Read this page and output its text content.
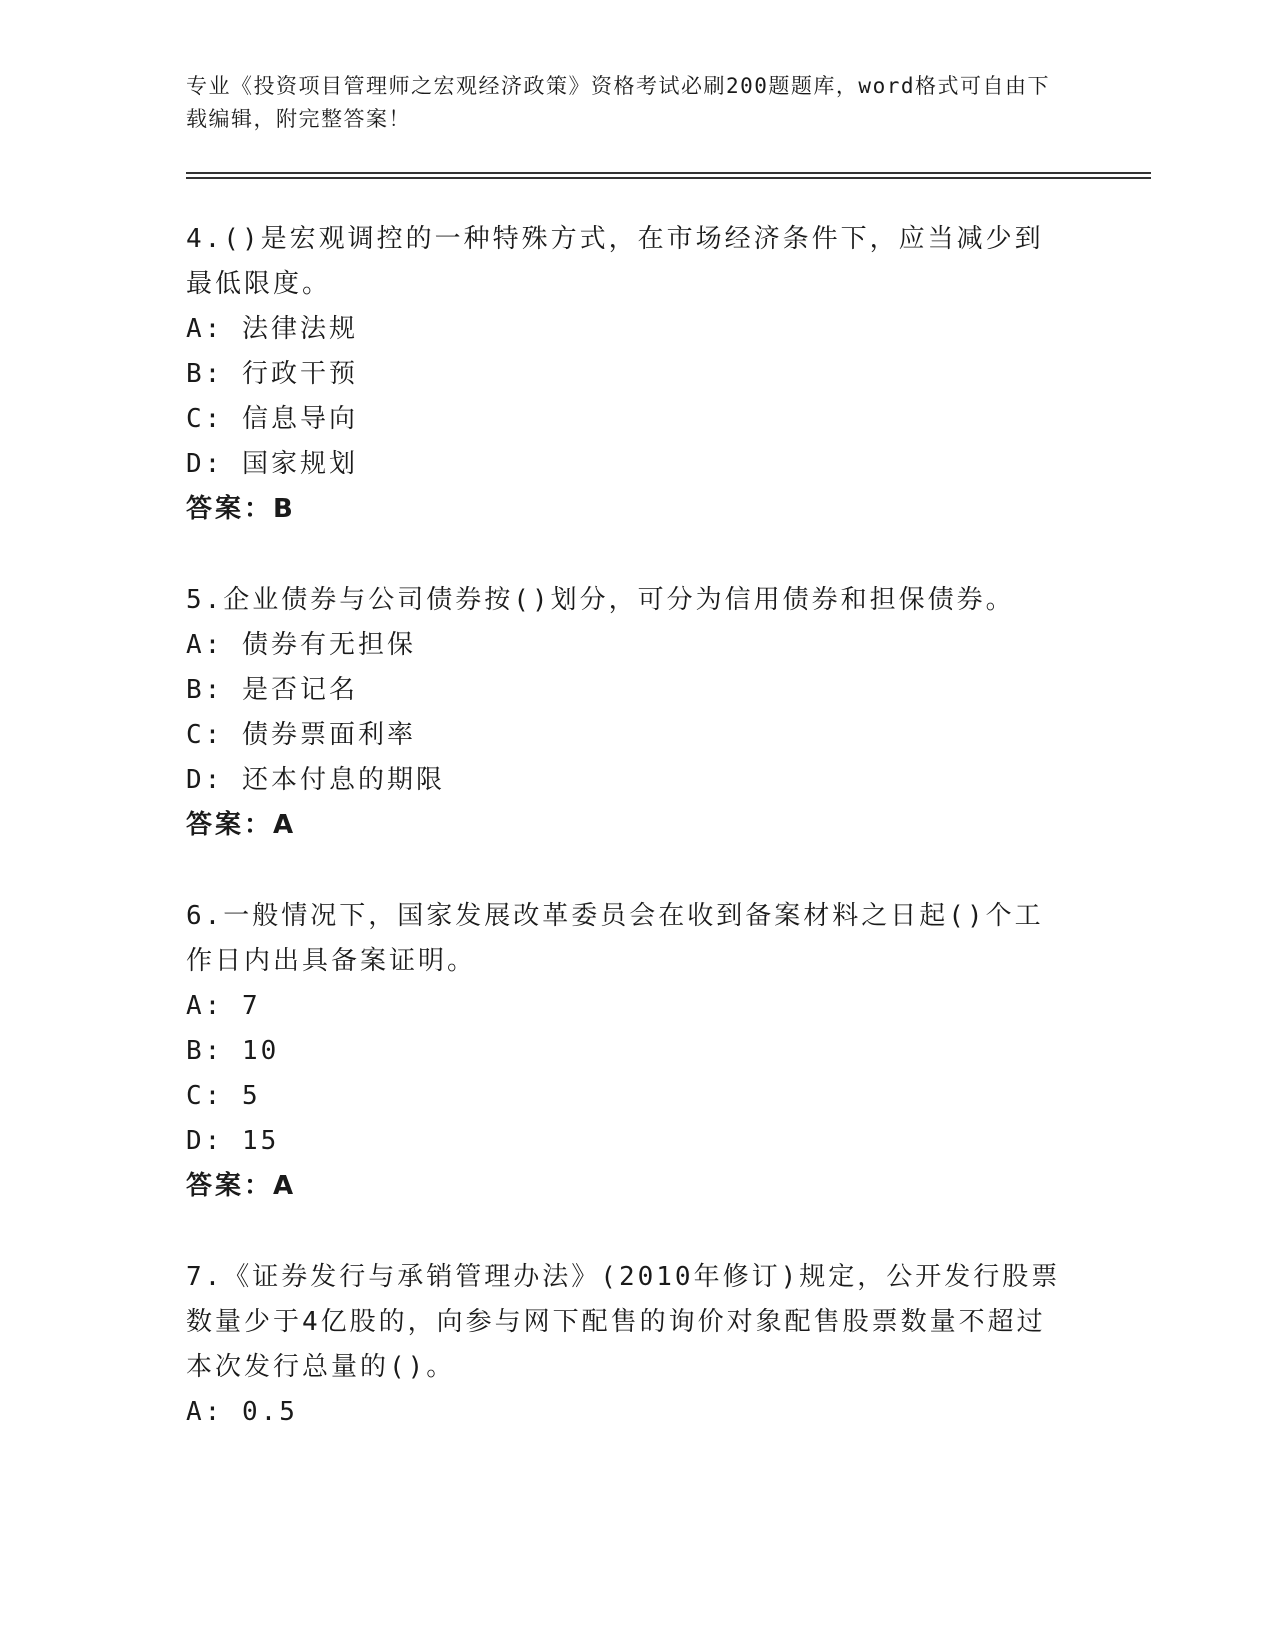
专业《投资项目管理师之宏观经济政策》资格考试必刷200题题库，word格式可自由下载编辑，附完整答案！

4.()是宏观调控的一种特殊方式，在市场经济条件下，应当减少到最低限度。

A: 法律法规

B: 行政干预

C: 信息导向

D: 国家规划

答案：B

5.企业债券与公司债券按()划分，可分为信用债券和担保债券。

A: 债券有无担保

B: 是否记名

C: 债券票面利率

D: 还本付息的期限

答案：A

6.一般情况下，国家发展改革委员会在收到备案材料之日起()个工作日内出具备案证明。

A: 7

B: 10

C: 5

D: 15

答案：A

7.《证券发行与承销管理办法》(2010年修订)规定，公开发行股票数量少于4亿股的，向参与网下配售的询价对象配售股票数量不超过本次发行总量的()。

A: 0.5
